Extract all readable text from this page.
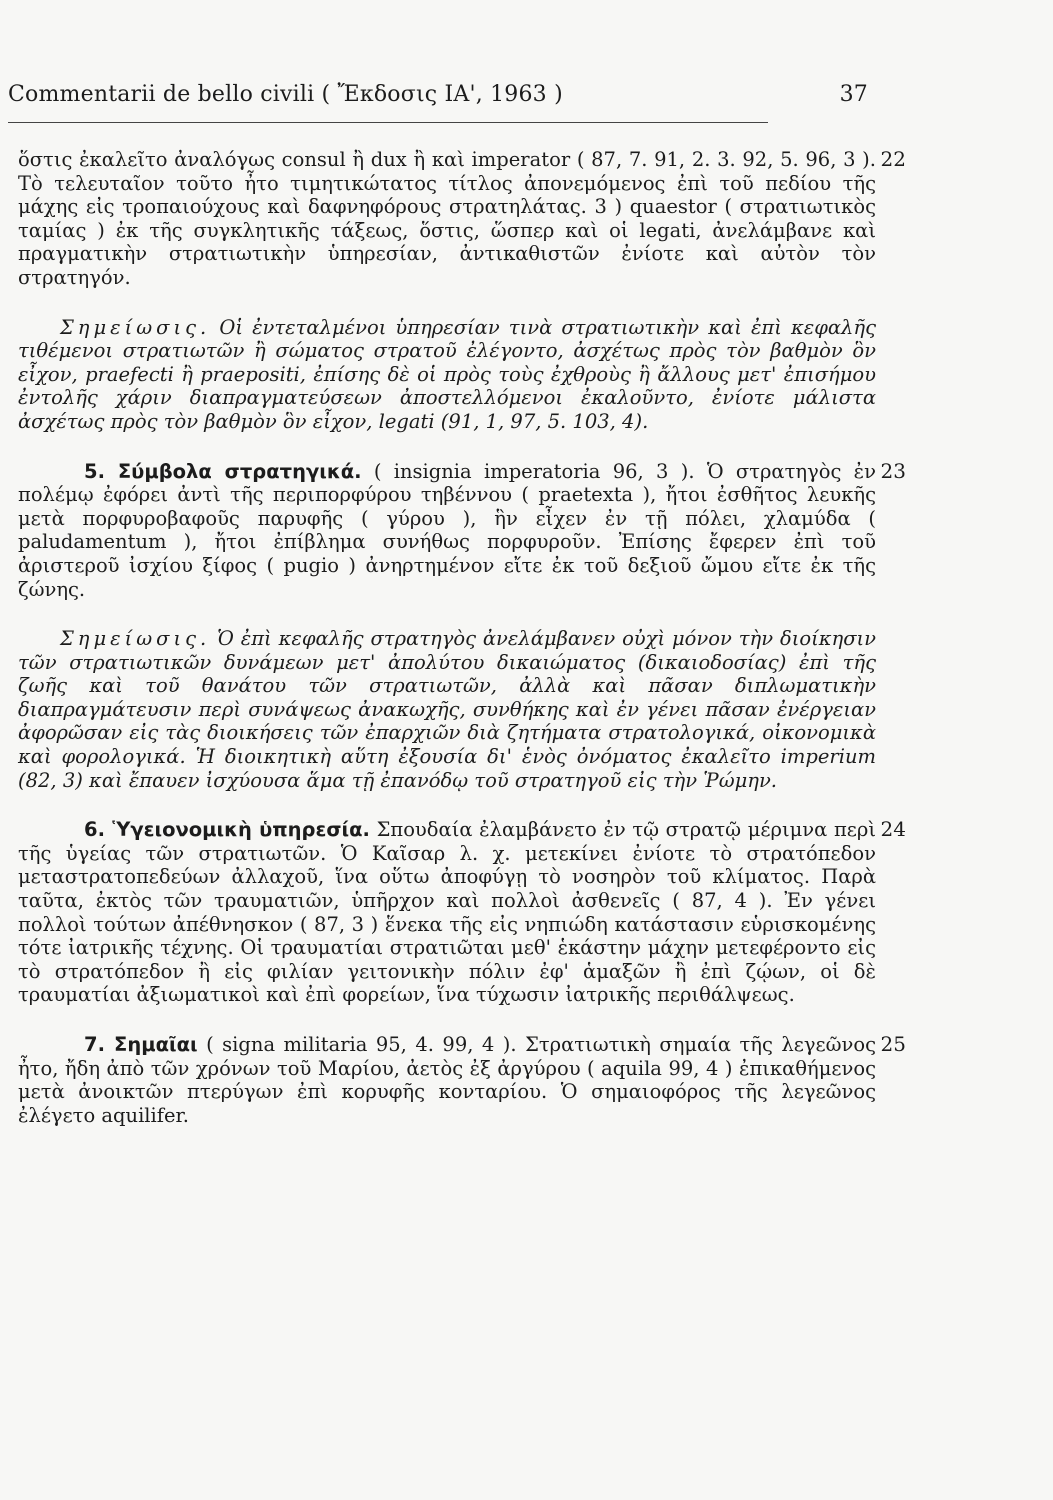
Commentarii de bello civili ( Ἔκδοσις ΙΑ', 1963 )	37
22

ὅστις ἐκαλεῖτο ἀναλόγως consul ἢ dux ἢ καὶ imperator ( 87, 7. 91, 2. 3. 92, 5. 96, 3 ). Τὸ τελευταῖον τοῦτο ἦτο τιμητικώτατος τίτλος ἀπονεμόμενος ἐπὶ τοῦ πεδίου τῆς μάχης εἰς τροπαιούχους καὶ δαφνηφόρους στρατηλάτας. 3 ) quaestor ( στρατιωτικὸς ταμίας ) ἐκ τῆς συγκλητικῆς τάξεως, ὅστις, ὥσπερ καὶ οἱ legati, ἀνελάμβανε καὶ πραγματικὴν στρατιωτικὴν ὑπηρεσίαν, ἀντικαθιστῶν ἐνίοτε καὶ αὐτὸν τὸν στρατηγόν.

Σημείωσις. Οἱ ἐντεταλμένοι ὑπηρεσίαν τινὰ στρατιωτικὴν καὶ ἐπὶ κεφαλῆς τιθέμενοι στρατιωτῶν ἢ σώματος στρατοῦ ἐλέγοντο, ἀσχέτως πρὸς τὸν βαθμὸν ὃν εἶχον, praefecti ἢ praepositi, ἐπίσης δὲ οἱ πρὸς τοὺς ἐχθροὺς ἢ ἄλλους μετ' ἐπισήμου ἐντολῆς χάριν διαπραγματεύσεων ἀποστελλόμενοι ἐκαλοῦντο, ἐνίοτε μάλιστα ἀσχέτως πρὸς τὸν βαθμὸν ὃν εἶχον, legati (91, 1, 97, 5. 103, 4).

23

5. Σύμβολα στρατηγικά. ( insignia imperatoria 96, 3 ). Ὁ στρατηγὸς ἐν πολέμῳ ἐφόρει ἀντὶ τῆς περιπορφύρου τηβέννου ( praetexta ), ἤτοι ἐσθῆτος λευκῆς μετὰ πορφυροβαφοῦς παρυφῆς ( γύρου ), ἣν εἶχεν ἐν τῇ πόλει, χλαμύδα ( paludamentum ), ἤτοι ἐπίβλημα συνήθως πορφυροῦν. Ἐπίσης ἔφερεν ἐπὶ τοῦ ἀριστεροῦ ἰσχίου ξίφος ( pugio ) ἀνηρτημένον εἴτε ἐκ τοῦ δεξιοῦ ὤμου εἴτε ἐκ τῆς ζώνης.

Σημείωσις. Ὁ ἐπὶ κεφαλῆς στρατηγὸς ἀνελάμβανεν οὐχὶ μόνον τὴν διοίκησιν τῶν στρατιωτικῶν δυνάμεων μετ' ἀπολύτου δικαιώματος (δικαιοδοσίας) ἐπὶ τῆς ζωῆς καὶ τοῦ θανάτου τῶν στρατιωτῶν, ἀλλὰ καὶ πᾶσαν διπλωματικὴν διαπραγμάτευσιν περὶ συνάψεως ἀνακωχῆς, συνθήκης καὶ ἐν γένει πᾶσαν ἐνέργειαν ἀφορῶσαν εἰς τὰς διοικήσεις τῶν ἐπαρχιῶν διὰ ζητήματα στρατολογικά, οἰκονομικὰ καὶ φορολογικά. Ἡ διοικητικὴ αὕτη ἐξουσία δι' ἑνὸς ὀνόματος ἐκαλεῖτο imperium (82, 3) καὶ ἔπαυεν ἰσχύουσα ἅμα τῇ ἐπανόδῳ τοῦ στρατηγοῦ εἰς τὴν Ῥώμην.

24

6. Ὑγειονομικὴ ὑπηρεσία. Σπουδαία ἐλαμβάνετο ἐν τῷ στρατῷ μέριμνα περὶ τῆς ὑγείας τῶν στρατιωτῶν. Ὁ Καῖσαρ λ. χ. μετεκίνει ἐνίοτε τὸ στρατόπεδον μεταστρατοπεδεύων ἀλλαχοῦ, ἵνα οὕτω ἀποφύγῃ τὸ νοσηρὸν τοῦ κλίματος. Παρὰ ταῦτα, ἐκτὸς τῶν τραυματιῶν, ὑπῆρχον καὶ πολλοὶ ἀσθενεῖς ( 87, 4 ). Ἐν γένει πολλοὶ τούτων ἀπέθνησκον ( 87, 3 ) ἕνεκα τῆς εἰς νηπιώδη κατάστασιν εὑρισκομένης τότε ἰατρικῆς τέχνης. Οἱ τραυματίαι στρατιῶται μεθ' ἑκάστην μάχην μετεφέροντο εἰς τὸ στρατόπεδον ἢ εἰς φιλίαν γειτονικὴν πόλιν ἐφ' ἁμαξῶν ἢ ἐπὶ ζῴων, οἱ δὲ τραυματίαι ἀξιωματικοὶ καὶ ἐπὶ φορείων, ἵνα τύχωσιν ἰατρικῆς περιθάλψεως.

25

7. Σημαῖαι ( signa militaria 95, 4. 99, 4 ). Στρατιωτικὴ σημαία τῆς λεγεῶνος ἦτο, ἤδη ἀπὸ τῶν χρόνων τοῦ Μαρίου, ἀετὸς ἐξ ἀργύρου ( aquila 99, 4 ) ἐπικαθήμενος μετὰ ἀνοικτῶν πτερύγων ἐπὶ κορυφῆς κονταρίου. Ὁ σημαιοφόρος τῆς λεγεῶνος ἐλέγετο aquilifer.
